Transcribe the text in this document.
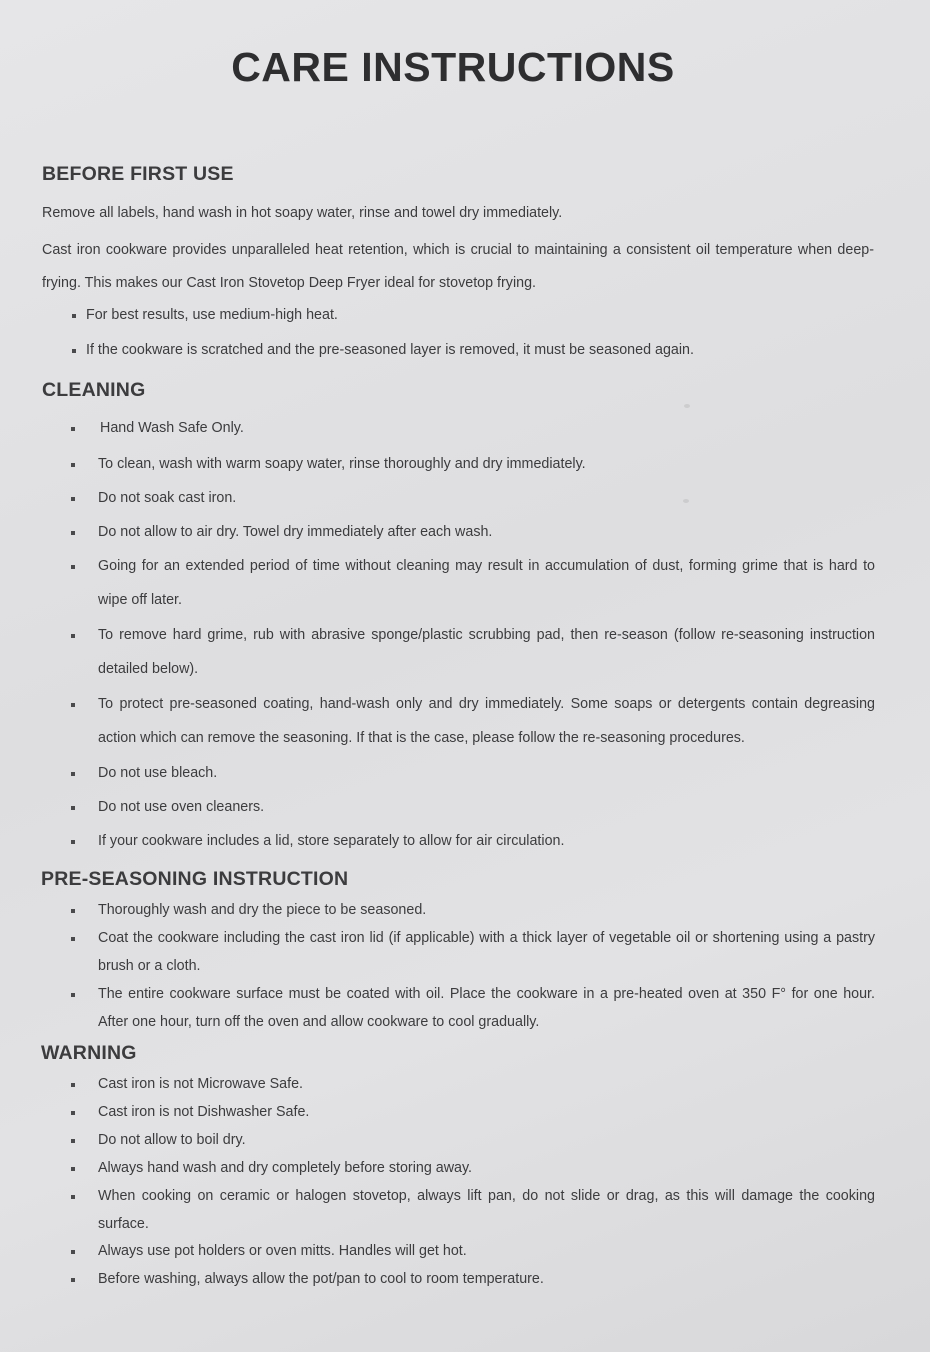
CARE INSTRUCTIONS
BEFORE FIRST USE
Remove all labels, hand wash in hot soapy water, rinse and towel dry immediately.
Cast iron cookware provides unparalleled heat retention, which is crucial to maintaining a consistent oil temperature when deep-frying. This makes our Cast Iron Stovetop Deep Fryer ideal for stovetop frying.
For best results, use medium-high heat.
If the cookware is scratched and the pre-seasoned layer is removed, it must be seasoned again.
CLEANING
Hand Wash Safe Only.
To clean, wash with warm soapy water, rinse thoroughly and dry immediately.
Do not soak cast iron.
Do not allow to air dry. Towel dry immediately after each wash.
Going for an extended period of time without cleaning may result in accumulation of dust, forming grime that is hard to wipe off later.
To remove hard grime, rub with abrasive sponge/plastic scrubbing pad, then re-season (follow re-seasoning instruction detailed below).
To protect pre-seasoned coating, hand-wash only and dry immediately. Some soaps or detergents contain degreasing action which can remove the seasoning. If that is the case, please follow the re-seasoning procedures.
Do not use bleach.
Do not use oven cleaners.
If your cookware includes a lid, store separately to allow for air circulation.
PRE-SEASONING INSTRUCTION
Thoroughly wash and dry the piece to be seasoned.
Coat the cookware including the cast iron lid (if applicable) with a thick layer of vegetable oil or shortening using a pastry brush or a cloth.
The entire cookware surface must be coated with oil. Place the cookware in a pre-heated oven at 350 F° for one hour. After one hour, turn off the oven and allow cookware to cool gradually.
WARNING
Cast iron is not Microwave Safe.
Cast iron is not Dishwasher Safe.
Do not allow to boil dry.
Always hand wash and dry completely before storing away.
When cooking on ceramic or halogen stovetop, always lift pan, do not slide or drag, as this will damage the cooking surface.
Always use pot holders or oven mitts. Handles will get hot.
Before washing, always allow the pot/pan to cool to room temperature.
